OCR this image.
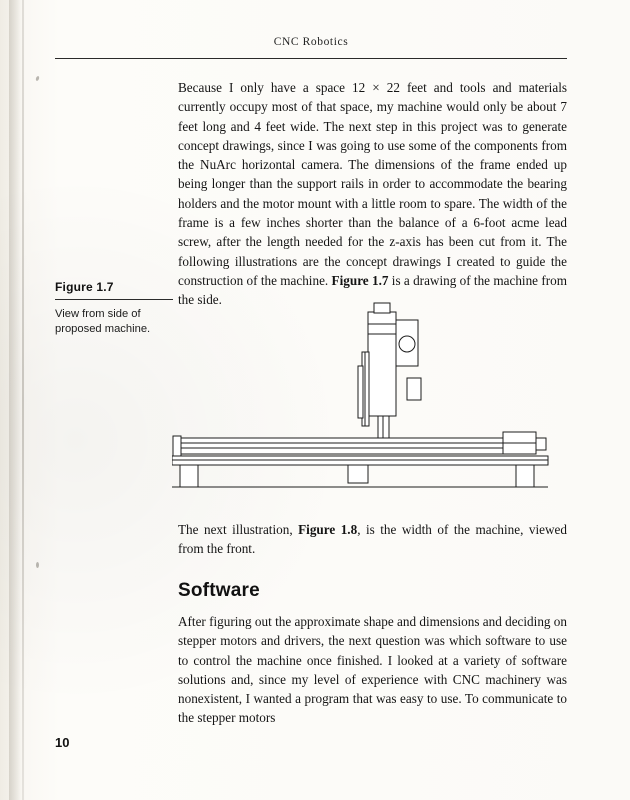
CNC Robotics

Because I only have a space 12 × 22 feet and tools and materials currently occupy most of that space, my machine would only be about 7 feet long and 4 feet wide. The next step in this project was to generate concept drawings, since I was going to use some of the components from the NuArc horizontal camera. The dimensions of the frame ended up being longer than the support rails in order to accommodate the bearing holders and the motor mount with a little room to spare. The width of the frame is a few inches shorter than the balance of a 6-foot acme lead screw, after the length needed for the z-axis has been cut from it. The following illustrations are the concept drawings I created to guide the construction of the machine. Figure 1.7 is a drawing of the machine from the side.

Figure 1.7
View from side of proposed machine.

The next illustration, Figure 1.8, is the width of the machine, viewed from the front.

Software

After figuring out the approximate shape and dimensions and deciding on stepper motors and drivers, the next question was which software to use to control the machine once finished. I looked at a variety of software solutions and, since my level of experience with CNC machinery was nonexistent, I wanted a program that was easy to use. To communicate to the stepper motors

10
